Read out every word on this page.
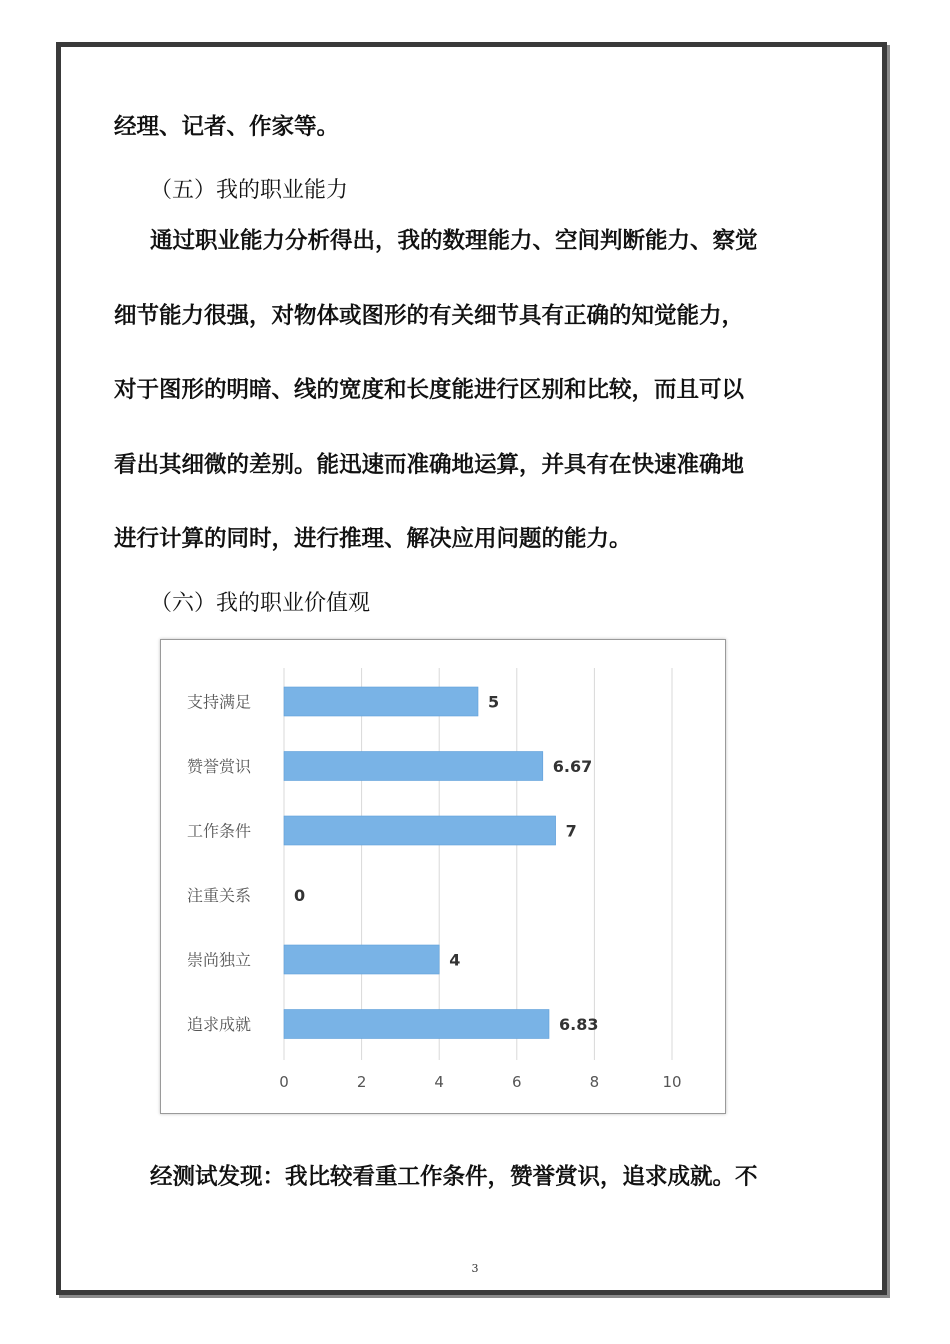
经理、记者、作家等。
（五）我的职业能力
通过职业能力分析得出，我的数理能力、空间判断能力、察觉
细节能力很强，对物体或图形的有关细节具有正确的知觉能力，
对于图形的明暗、线的宽度和长度能进行区别和比较，而且可以
看出其细微的差别。能迅速而准确地运算，并具有在快速准确地
进行计算的同时，进行推理、解决应用问题的能力。
（六）我的职业价值观
0	2	4	6	8	10
支持满足	5
赞誉赏识	6.67
工作条件	7
注重关系	0
崇尚独立	4
追求成就	6.83
经测试发现：我比较看重工作条件，赞誉赏识，追求成就。不
3
